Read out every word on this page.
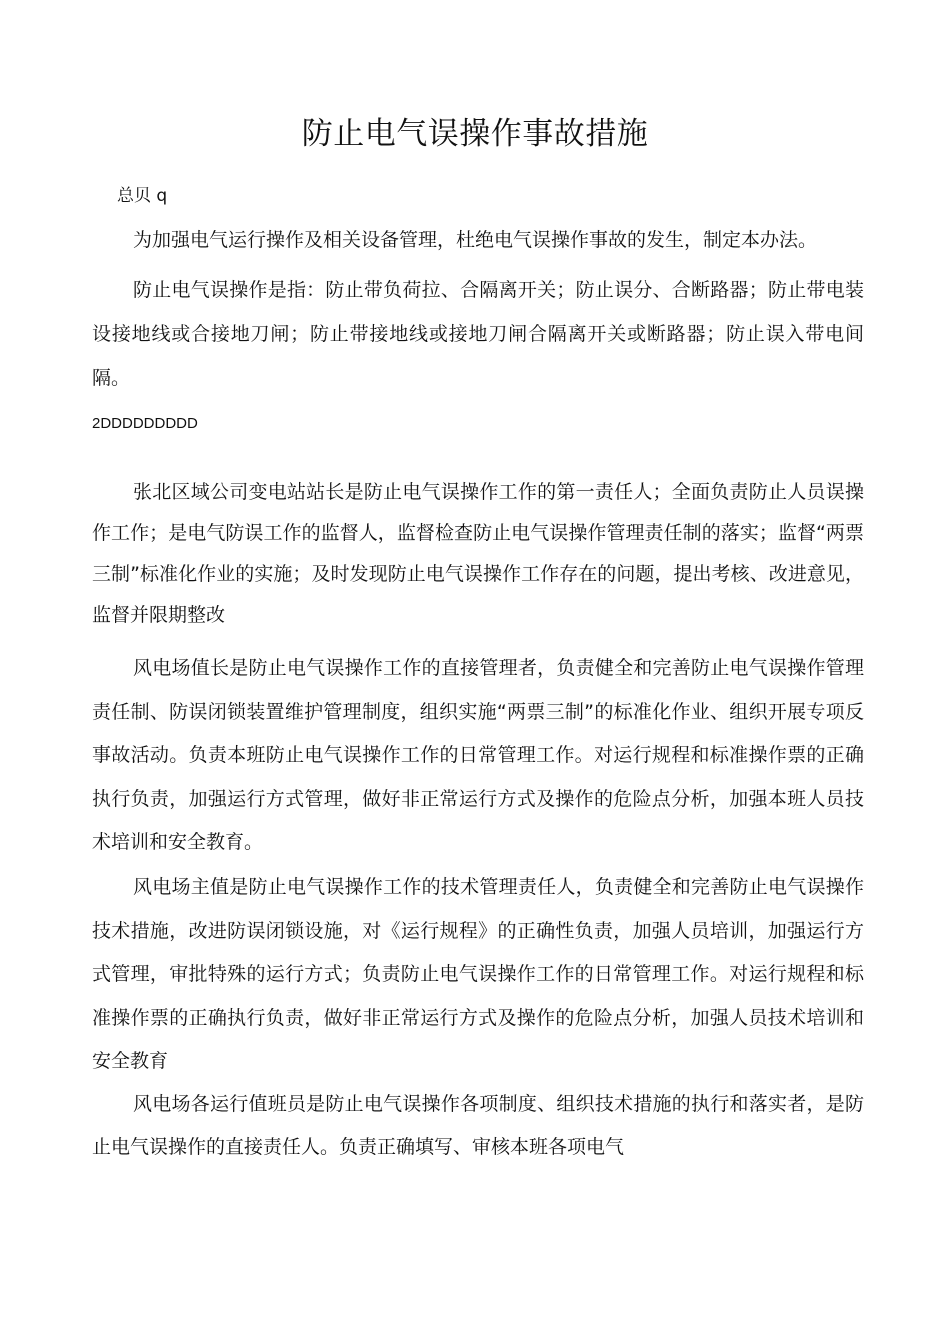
防止电气误操作事故措施
总贝 q

为加强电气运行操作及相关设备管理，杜绝电气误操作事故的发生，制定本办法。

防止电气误操作是指：防止带负荷拉、合隔离开关；防止误分、合断路器；防止带电装设接地线或合接地刀闸；防止带接地线或接地刀闸合隔离开关或断路器；防止误入带电间隔。

2DDDDDDDDD

张北区域公司变电站站长是防止电气误操作工作的第一责任人；全面负责防止人员误操作工作；是电气防误工作的监督人，监督检查防止电气误操作管理责任制的落实；监督“两票三制”标准化作业的实施；及时发现防止电气误操作工作存在的问题，提出考核、改进意见，监督并限期整改

风电场值长是防止电气误操作工作的直接管理者，负责健全和完善防止电气误操作管理责任制、防误闭锁装置维护管理制度，组织实施“两票三制”的标准化作业、组织开展专项反事故活动。负责本班防止电气误操作工作的日常管理工作。对运行规程和标准操作票的正确执行负责，加强运行方式管理，做好非正常运行方式及操作的危险点分析，加强本班人员技术培训和安全教育。

风电场主值是防止电气误操作工作的技术管理责任人，负责健全和完善防止电气误操作技术措施，改进防误闭锁设施，对《运行规程》的正确性负责，加强人员培训，加强运行方式管理，审批特殊的运行方式；负责防止电气误操作工作的日常管理工作。对运行规程和标准操作票的正确执行负责，做好非正常运行方式及操作的危险点分析，加强人员技术培训和安全教育

风电场各运行值班员是防止电气误操作各项制度、组织技术措施的执行和落实者，是防止电气误操作的直接责任人。负责正确填写、审核本班各项电气
